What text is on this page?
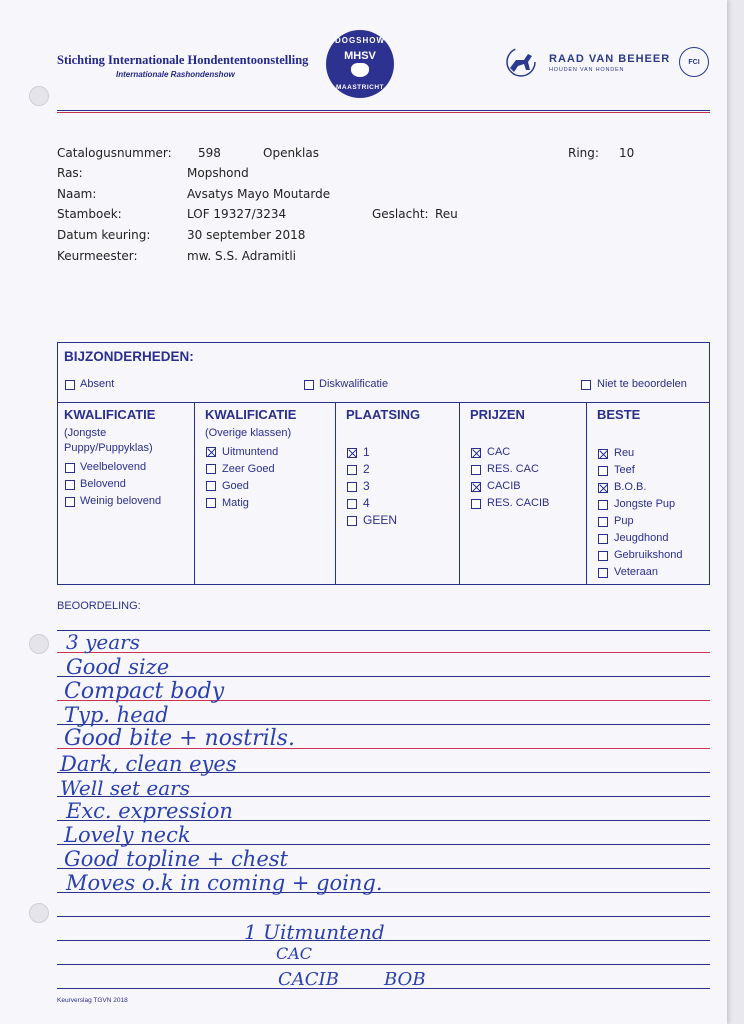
Stichting Internationale Hondententoonstelling
Internationale Rashondenshow
DOGSHOW
MHSV
MAASTRICHT
RAAD VAN BEHEER
HOUDEN VAN HONDEN
FCI
Catalogusnummer: 598	Openklas	Ring: 10
Ras:	Mopshond
Naam:	Avsatys Mayo Moutarde
Stamboek:	LOF 19327/3234	Geslacht: Reu
Datum keuring:	30 september 2018
Keurmeester:	mw. S.S. Adramitli
BIJZONDERHEDEN:
Absent	Diskwalificatie	Niet te beoordelen
KWALIFICATIE
(Jongste
Puppy/Puppyklas)
Veelbelovend
Belovend
Weinig belovend
KWALIFICATIE
(Overige klassen)
Uitmuntend
Zeer Goed
Goed
Matig
PLAATSING
1
2
3
4
GEEN
PRIJZEN
CAC
RES. CAC
CACIB
RES. CACIB
BESTE
Reu
Teef
B.O.B.
Jongste Pup
Pup
Jeugdhond
Gebruikshond
Veteraan
BEOORDELING:
3 years
Good size
Compact body
Typ. head
Good bite + nostrils.
Dark, clean eyes
Well set ears
Exc. expression
Lovely neck
Good topline + chest
Moves o.k in coming + going.
1 Uitmuntend
CAC
CACIB	BOB
Keurverslag TGVN 2018
